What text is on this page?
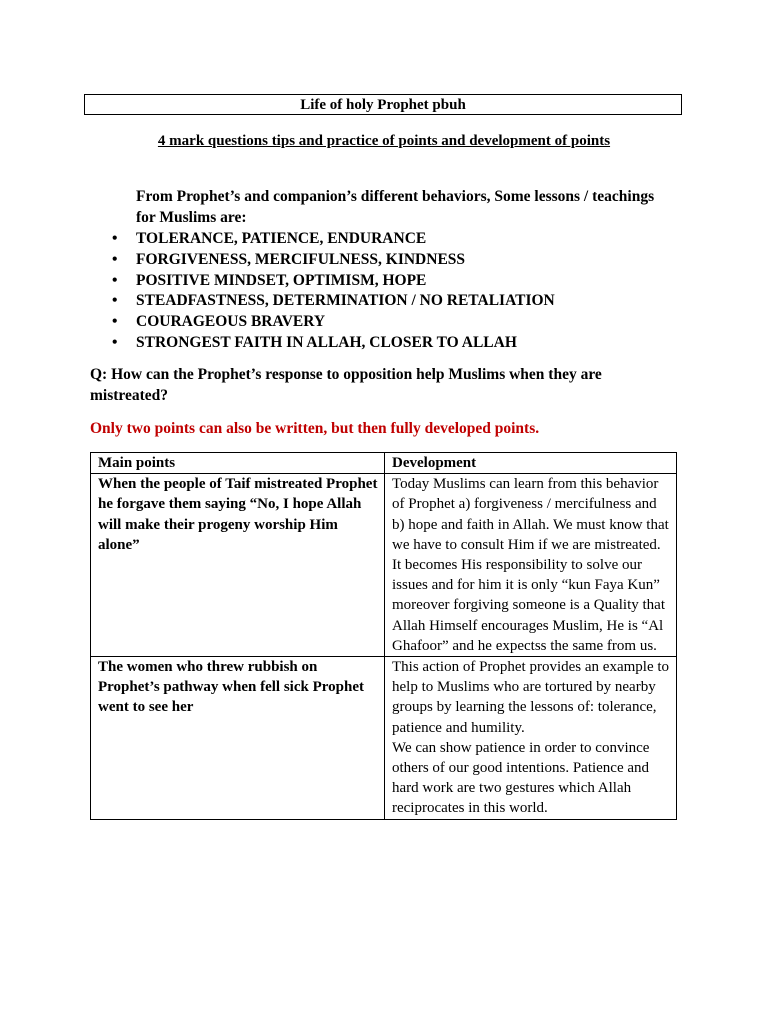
Life of holy Prophet pbuh
4 mark questions tips and practice of points and development of points
From Prophet’s and companion’s different behaviors, Some lessons / teachings for Muslims are:
• TOLERANCE, PATIENCE, ENDURANCE
• FORGIVENESS, MERCIFULNESS, KINDNESS
• POSITIVE MINDSET, OPTIMISM, HOPE
• STEADFASTNESS, DETERMINATION / NO RETALIATION
• COURAGEOUS BRAVERY
• STRONGEST FAITH IN ALLAH, CLOSER TO ALLAH
Q: How can the Prophet’s response to opposition help Muslims when they are mistreated?
Only two points can also be written, but then fully developed points.
Main points	Development

When the people of Taif mistreated Prophet he forgave them saying “No, I hope Allah will make their progeny worship Him alone”	Today Muslims can learn from this behavior of Prophet a) forgiveness / mercifulness and b) hope and faith in Allah. We must know that we have to consult Him if we are mistreated. It becomes His responsibility to solve our issues and for him it is only “kun Faya Kun” moreover forgiving someone is a Quality that Allah Himself encourages Muslim, He is “Al Ghafoor” and he expectss the same from us.

The women who threw rubbish on Prophet’s pathway when fell sick Prophet went to see her	This action of Prophet provides an example to help to Muslims who are tortured by nearby groups by learning the lessons of: tolerance, patience and humility.
We can show patience in order to convince others of our good intentions. Patience and hard work are two gestures which Allah reciprocates in this world.
